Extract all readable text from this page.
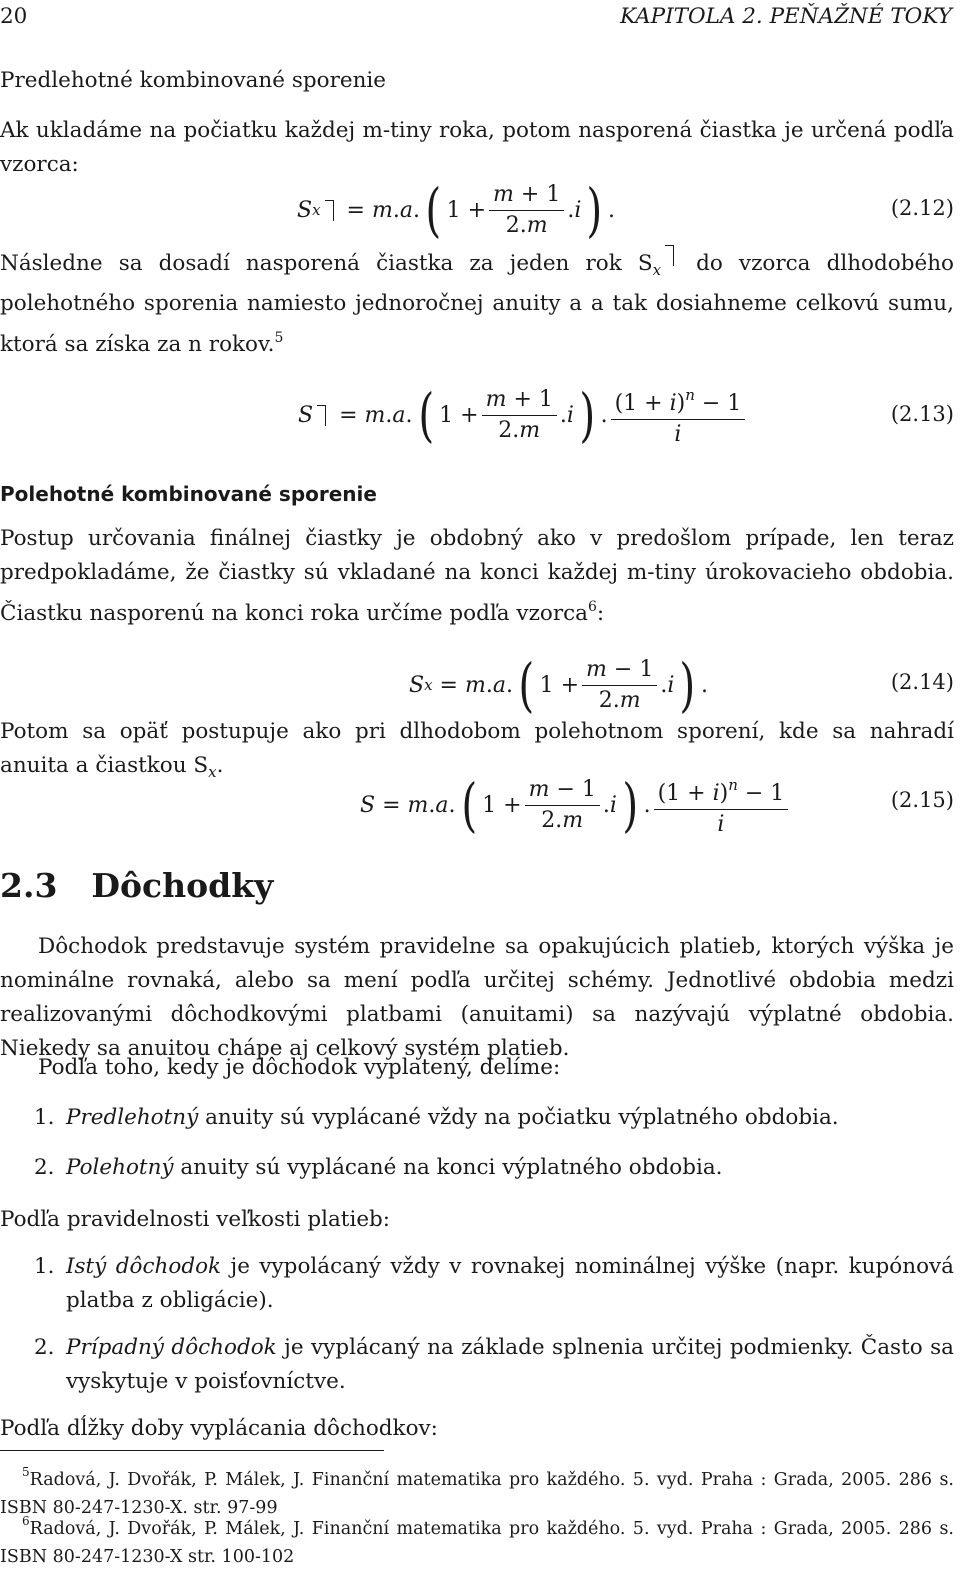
20	KAPITOLA 2. PEŇAŽNÉ TOKY
Predlehotné kombinované sporenie
Ak ukladáme na počiatku každej m-tiny roka, potom nasporená čiastka je určená podľa vzorca:
S x = m.a. ( $1 + \frac{m + 1}{2.m} .i$ ) .	(2.12)
Následne sa dosadí nasporená čiastka za jeden rok $S_x$ do vzorca dlhodobého polehotného sporenia namiesto jednoročnej anuity a a tak dosiahneme celkovú sumu, ktorá sa získa za n rokov.$^5$
S = m.a. ( $1 + \frac{m + 1}{2.m} .i$ ) . $\frac{(1 + i)^n - 1}{i}$	(2.13)
Polehotné kombinované sporenie
Postup určovania finálnej čiastky je obdobný ako v predošlom prípade, len teraz predpokladáme, že čiastky sú vkladané na konci každej m-tiny úrokovacieho obdobia. Čiastku nasporenú na konci roka určíme podľa vzorca$^6$:
S x = m.a. ( $1 + \frac{m - 1}{2.m} .i$ ) .	(2.14)
Potom sa opäť postupuje ako pri dlhodobom polehotnom sporení, kde sa nahradí anuita a čiastkou $S_x$.
S = m.a. ( $1 + \frac{m - 1}{2.m} .i$ ) . $\frac{(1 + i)^n - 1}{i}$	(2.15)
2.3 Dôchodky
Dôchodok predstavuje systém pravidelne sa opakujúcich platieb, ktorých výška je nominálne rovnaká, alebo sa mení podľa určitej schémy. Jednotlivé obdobia medzi realizovanými dôchodkovými platbami (anuitami) sa nazývajú výplatné obdobia. Niekedy sa anuitou chápe aj celkový systém platieb.
Podľa toho, kedy je dôchodok vyplatený, delíme:
1. Predlehotný anuity sú vyplácané vždy na počiatku výplatného obdobia.
2. Polehotný anuity sú vyplácané na konci výplatného obdobia.
Podľa pravidelnosti veľkosti platieb:
1. Istý dôchodok je vypolácaný vždy v rovnakej nominálnej výške (napr. kupónová platba z obligácie).
2. Prípadný dôchodok je vyplácaný na základe splnenia určitej podmienky. Často sa vyskytuje v poisťovníctve.
Podľa dĺžky doby vyplácania dôchodkov:
$^5$Radová, J. Dvořák, P. Málek, J. Finanční matematika pro každého. 5. vyd. Praha : Grada, 2005. 286 s. ISBN 80-247-1230-X. str. 97-99
$^6$Radová, J. Dvořák, P. Málek, J. Finanční matematika pro každého. 5. vyd. Praha : Grada, 2005. 286 s. ISBN 80-247-1230-X str. 100-102
